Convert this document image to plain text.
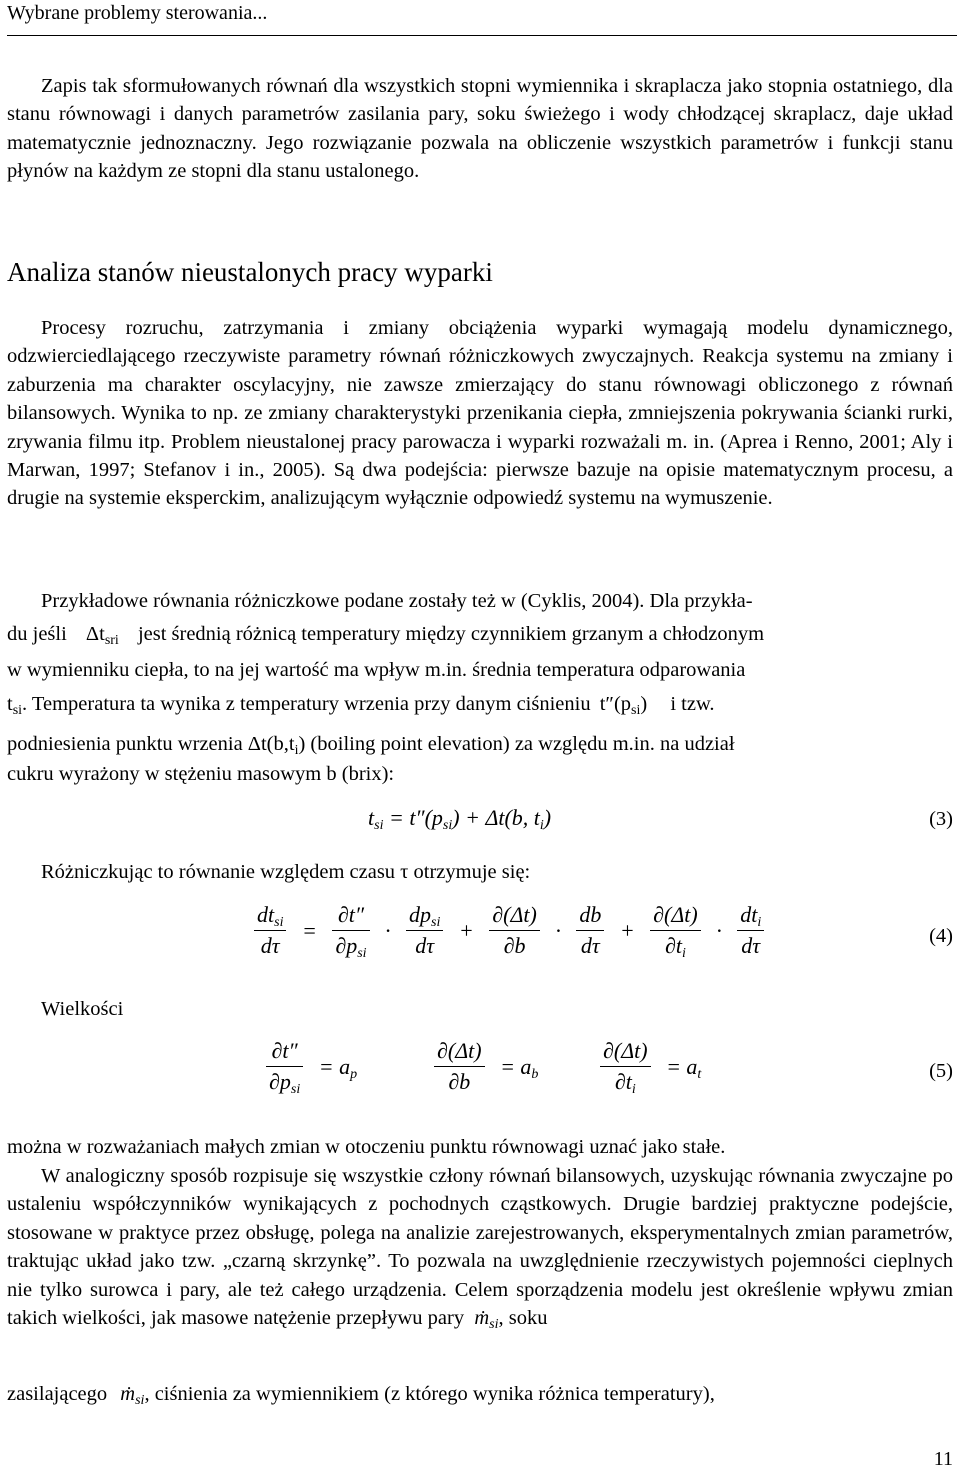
Wybrane problemy sterowania...

Zapis tak sformułowanych równań dla wszystkich stopni wymiennika i skraplacza jako stopnia ostatniego, dla stanu równowagi i danych parametrów zasilania pary, soku świeżego i wody chłodzącej skraplacz, daje układ matematycznie jednoznaczny. Jego rozwiązanie pozwala na obliczenie wszystkich parametrów i funkcji stanu płynów na każdym ze stopni dla stanu ustalonego.

Analiza stanów nieustalonych pracy wyparki

Procesy rozruchu, zatrzymania i zmiany obciążenia wyparki wymagają modelu dynamicznego, odzwierciedlającego rzeczywiste parametry równań różniczkowych zwyczajnych. Reakcja systemu na zmiany i zaburzenia ma charakter oscylacyjny, nie zawsze zmierzający do stanu równowagi obliczonego z równań bilansowych. Wynika to np. ze zmiany charakterystyki przenikania ciepła, zmniejszenia pokrywania ścianki rurki, zrywania filmu itp. Problem nieustalonej pracy parowacza i wyparki rozważali m. in. (Aprea i Renno, 2001; Aly i Marwan, 1997; Stefanov i in., 2005). Są dwa podejścia: pierwsze bazuje na opisie matematycznym procesu, a drugie na systemie eksperckim, analizującym wyłącznie odpowiedź systemu na wymuszenie.

Przykładowe równania różniczkowe podane zostały też w (Cyklis, 2004). Dla przykła-
du jeśli $\Delta t_{sri}$ jest średnią różnicą temperatury między czynnikiem grzanym a chłodzonym
w wymienniku ciepła, to na jej wartość ma wpływ m.in. średnia temperatura odparowania
$t_{si}$. Temperatura ta wynika z temperatury wrzenia przy danym ciśnieniu $t''(p_{si})$ i tzw.
podniesienia punktu wrzenia $\Delta t(b,t_i)$ (boiling point elevation) za względu m.in. na udział
cukru wyrażony w stężeniu masowym b (brix):
$t_{si} = t''(p_{si}) + \Delta t(b$, $t_i$)	(3)
Różniczkując to równanie względem czasu τ otrzymuje się:
$\frac{dt_{si}}{d\tau} = \frac{\partial t''}{\partial p_{si}} \cdot \frac{dp_{si}}{d\tau} + \frac{\partial(\Delta t)}{\partial b} \cdot \frac{db}{d\tau} + \frac{\partial(\Delta t)}{\partial t_i} \cdot \frac{dt_i}{d\tau}$	(4)
Wielkości
$\frac{\partial t''}{\partial p_{si}} = a_p$	$\frac{\partial(\Delta t)}{\partial b} = a_b$	$\frac{\partial(\Delta t)}{\partial t_i} = a_t$	(5)
można w rozważaniach małych zmian w otoczeniu punktu równowagi uznać jako stałe.

W analogiczny sposób rozpisuje się wszystkie człony równań bilansowych, uzyskując równania zwyczajne po ustaleniu współczynników wynikających z pochodnych cząstkowych. Drugie bardziej praktyczne podejście, stosowane w praktyce przez obsługę, polega na analizie zarejestrowanych, eksperymentalnych zmian parametrów, traktując układ jako tzw. „czarną skrzynkę”. To pozwala na uwzględnienie rzeczywistych pojemności cieplnych nie tylko surowca i pary, ale też całego urządzenia. Celem sporządzenia modelu jest określenie wpływu zmian takich wielkości, jak masowe natężenie przepływu pary ṁ$_{si}$, soku

zasilającego ṁ$_{si}$, ciśnienia za wymiennikiem (z którego wynika różnica temperatury),
11
